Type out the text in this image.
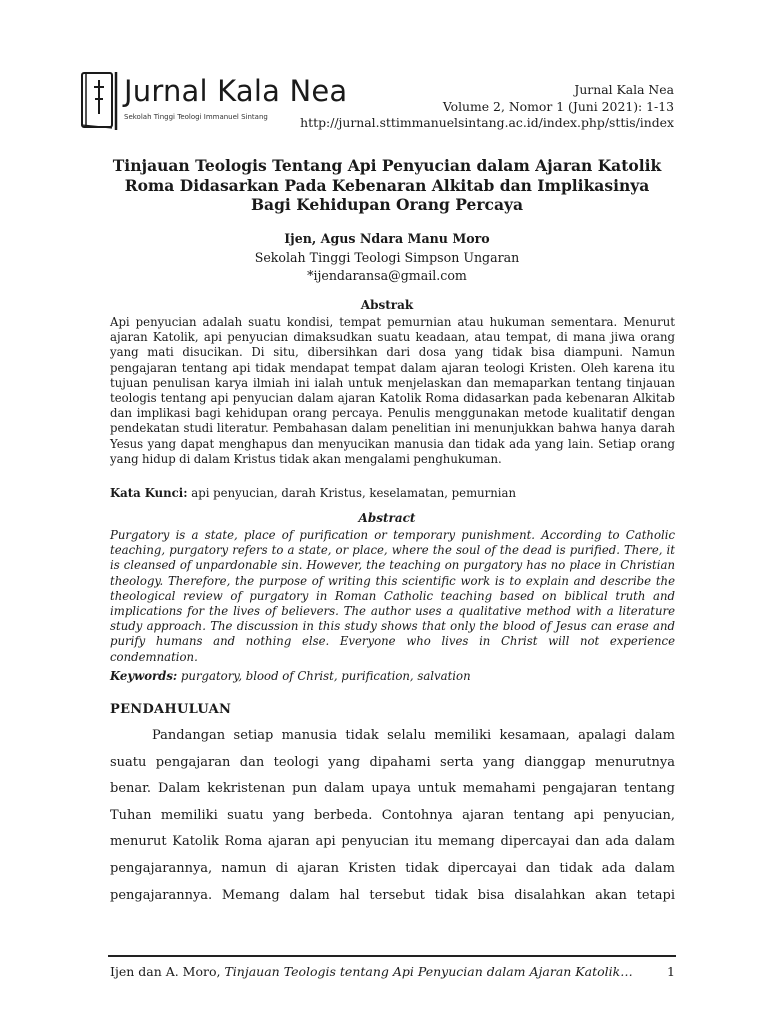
Jurnal Kala Nea
Sekolah Tinggi Teologi Immanuel Sintang
Jurnal Kala Nea
Volume 2, Nomor 1 (Juni 2021): 1-13
http://jurnal.sttimmanuelsintang.ac.id/index.php/sttis/index
Tinjauan Teologis Tentang Api Penyucian dalam Ajaran Katolik
Roma Didasarkan Pada Kebenaran Alkitab dan Implikasinya
Bagi Kehidupan Orang Percaya
Ijen, Agus Ndara Manu Moro
Sekolah Tinggi Teologi Simpson Ungaran
*ijendaransa@gmail.com
Abstrak
Api penyucian adalah suatu kondisi, tempat pemurnian atau hukuman sementara. Menurut ajaran Katolik, api penyucian dimaksudkan suatu keadaan, atau tempat, di mana jiwa orang yang mati disucikan. Di situ, dibersihkan dari dosa yang tidak bisa diampuni. Namun pengajaran tentang api tidak mendapat tempat dalam ajaran teologi Kristen. Oleh karena itu tujuan penulisan karya ilmiah ini ialah untuk menjelaskan dan memaparkan tentang tinjauan teologis tentang api penyucian dalam ajaran Katolik Roma didasarkan pada kebenaran Alkitab dan implikasi bagi kehidupan orang percaya. Penulis menggunakan metode kualitatif dengan pendekatan studi literatur. Pembahasan dalam penelitian ini menunjukkan bahwa hanya darah Yesus yang dapat menghapus dan menyucikan manusia dan tidak ada yang lain. Setiap orang yang hidup di dalam Kristus tidak akan mengalami penghukuman.
Kata Kunci: api penyucian, darah Kristus, keselamatan, pemurnian
Abstract
Purgatory is a state, place of purification or temporary punishment. According to Catholic teaching, purgatory refers to a state, or place, where the soul of the dead is purified. There, it is cleansed of unpardonable sin. However, the teaching on purgatory has no place in Christian theology. Therefore, the purpose of writing this scientific work is to explain and describe the theological review of purgatory in Roman Catholic teaching based on biblical truth and implications for the lives of believers. The author uses a qualitative method with a literature study approach. The discussion in this study shows that only the blood of Jesus can erase and purify humans and nothing else. Everyone who lives in Christ will not experience condemnation.
Keywords: purgatory, blood of Christ, purification, salvation
PENDAHULUAN
Pandangan setiap manusia tidak selalu memiliki kesamaan, apalagi dalam suatu pengajaran dan teologi yang dipahami serta yang dianggap menurutnya benar. Dalam kekristenan pun dalam upaya untuk memahami pengajaran tentang Tuhan memiliki suatu yang berbeda. Contohnya ajaran tentang api penyucian, menurut Katolik Roma ajaran api penyucian itu memang dipercayai dan ada dalam pengajarannya, namun di ajaran Kristen tidak dipercayai dan tidak ada dalam pengajarannya. Memang dalam hal tersebut tidak bisa disalahkan akan tetapi
Ijen dan A. Moro, Tinjauan Teologis tentang Api Penyucian dalam Ajaran Katolik…	1
